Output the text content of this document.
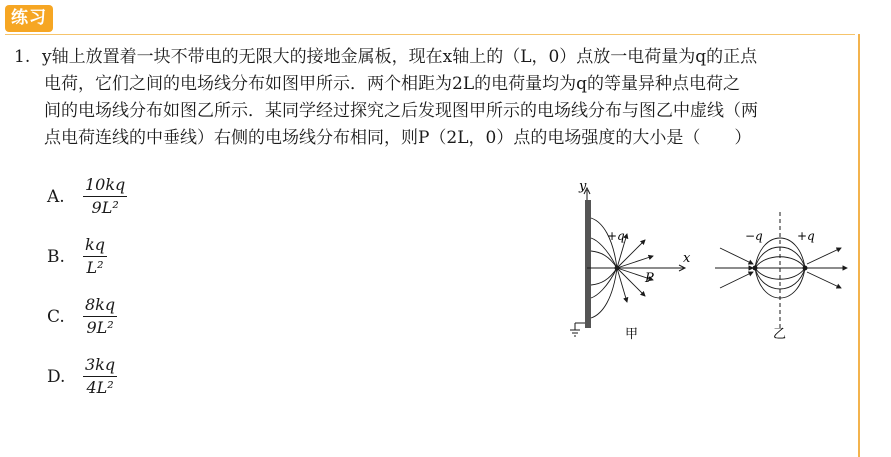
练习
1. y轴上放置着一块不带电的无限大的接地金属板，现在x轴上的（L，0）点放一电荷量为q的正点
电荷，它们之间的电场线分布如图甲所示．两个相距为2L的电荷量均为q的等量异种点电荷之
间的电场线分布如图乙所示．某同学经过探究之后发现图甲所示的电场线分布与图乙中虚线（两
点电荷连线的中垂线）右侧的电场线分布相同，则P（2L，0）点的电场强度的大小是（　　）
A.	$\frac{10kq}{\text{9L²}}$
B.	$\frac{kq}{\text{L²}}$
C.	$\frac{8kq}{\text{9L²}}$
D.	$\frac{3kq}{\text{4L²}}$
y
x
+q
P
甲
−q	+q
乙
